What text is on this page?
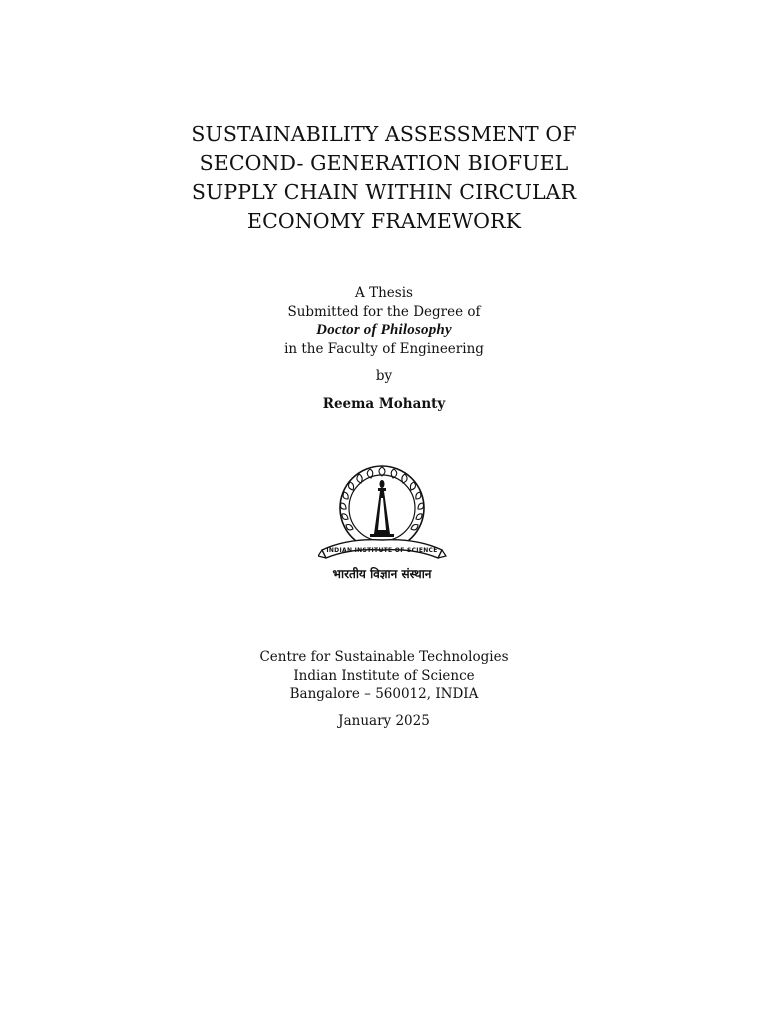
SUSTAINABILITY ASSESSMENT OF
SECOND- GENERATION BIOFUEL
SUPPLY CHAIN WITHIN CIRCULAR
ECONOMY FRAMEWORK
A Thesis
Submitted for the Degree of
Doctor of Philosophy
in the Faculty of Engineering
by
Reema Mohanty
INDIAN INSTITUTE OF SCIENCE
भारतीय विज्ञान संस्थान
Centre for Sustainable Technologies
Indian Institute of Science
Bangalore – 560012, INDIA
January 2025
